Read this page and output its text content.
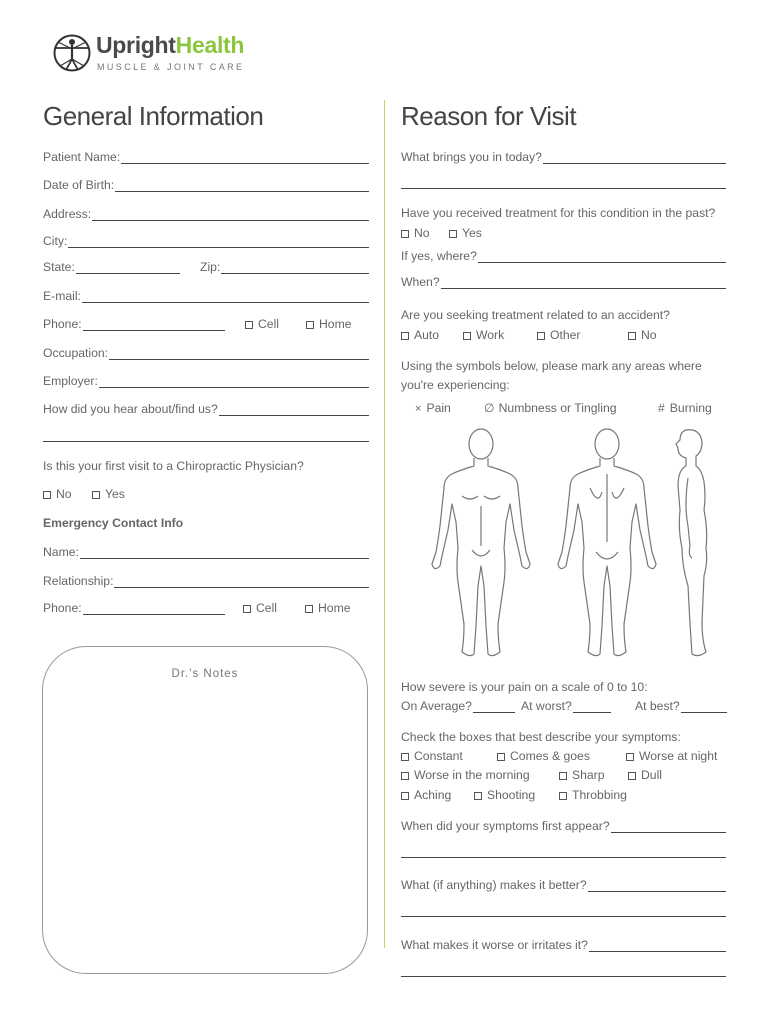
UprightHealth
MUSCLE & JOINT CARE
General Information	Reason for Visit
Patient Name:
Date of Birth:
Address:
City:
State:	Zip:
E-mail:
Phone:	Cell	Home
Occupation:
Employer:
How did you hear about/find us?
Is this your first visit to a Chiropractic Physician?
No	Yes
Emergency Contact Info
Name:
Relationship:
Phone:	Cell	Home
Dr.'s Notes
What brings you in today?
Have you received treatment for this condition in the past?
No	Yes
If yes, where?
When?
Are you seeking treatment related to an accident?
Auto	Work	Other	No
Using the symbols below, please mark any areas where
you're experiencing:
× Pain	∅ Numbness or Tingling	# Burning
How severe is your pain on a scale of 0 to 10:
On Average?	At worst?	At best?
Check the boxes that best describe your symptoms:
Constant	Comes & goes	Worse at night
Worse in the morning	Sharp	Dull
Aching	Shooting	Throbbing
When did your symptoms first appear?
What (if anything) makes it better?
What makes it worse or irritates it?
